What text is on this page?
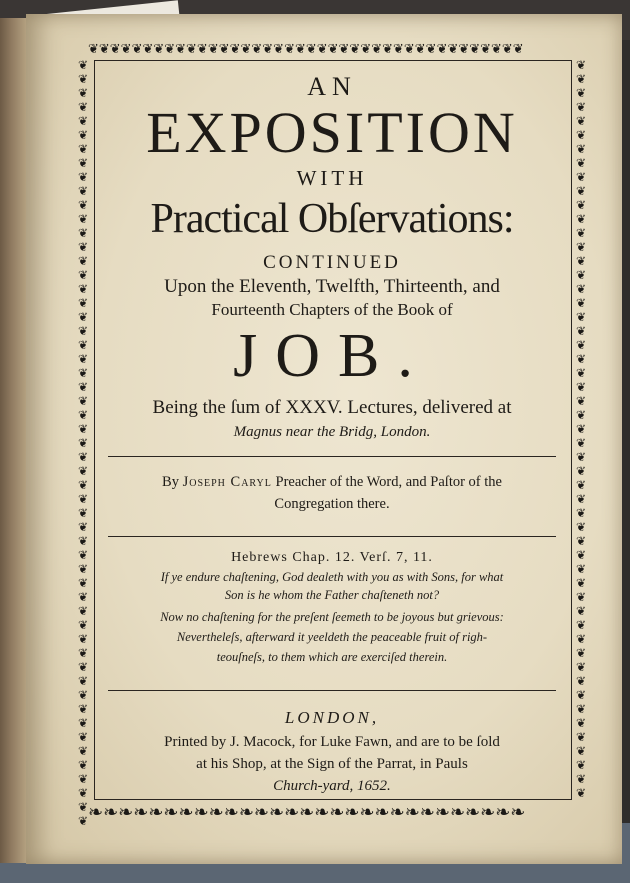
❦❦❦❦❦❦❦❦❦❦❦❦❦❦❦❦❦❦❦❦❦❦❦❦❦❦❦❦❦❦❦❦❦❦❦❦❦❦❦❦
❦❦❦❦❦❦❦❦❦❦❦❦❦❦❦❦❦❦❦❦❦❦❦❦❦❦❦❦❦❦❦❦❦❦❦❦❦❦❦❦❦❦❦❦❦❦❦❦❦❦❦❦❦❦❦
❦❦❦❦❦❦❦❦❦❦❦❦❦❦❦❦❦❦❦❦❦❦❦❦❦❦❦❦❦❦❦❦❦❦❦❦❦❦❦❦❦❦❦❦❦❦❦❦❦❦❦❦❦
❧❧❧❧❧❧❧❧❧❧❧❧❧❧❧❧❧❧❧❧❧❧❧❧❧❧❧❧❧

AN

EXPOSITION

WITH

Practical Obſervations:

CONTINUED

Upon the Eleventh, Twelfth, Thirteenth, and

Fourteenth Chapters of the Book of

JOB.

Being the ſum of XXXV. Lectures, delivered at

Magnus near the Bridg, London.

By Joseph Caryl Preacher of the Word, and Paſtor of the

Congregation there.

Hebrews Chap. 12. Verſ. 7, 11.

If ye endure chaſtening, God dealeth with you as with Sons, for what

Son is he whom the Father chaſteneth not?

Now no chaſtening for the preſent ſeemeth to be joyous but grievous:

Nevertheleſs, afterward it yeeldeth the peaceable fruit of righ-

teouſneſs, to them which are exerciſed therein.

LONDON,

Printed by J. Macock, for Luke Fawn, and are to be ſold

at his Shop, at the Sign of the Parrat, in Pauls

Church-yard, 1652.
